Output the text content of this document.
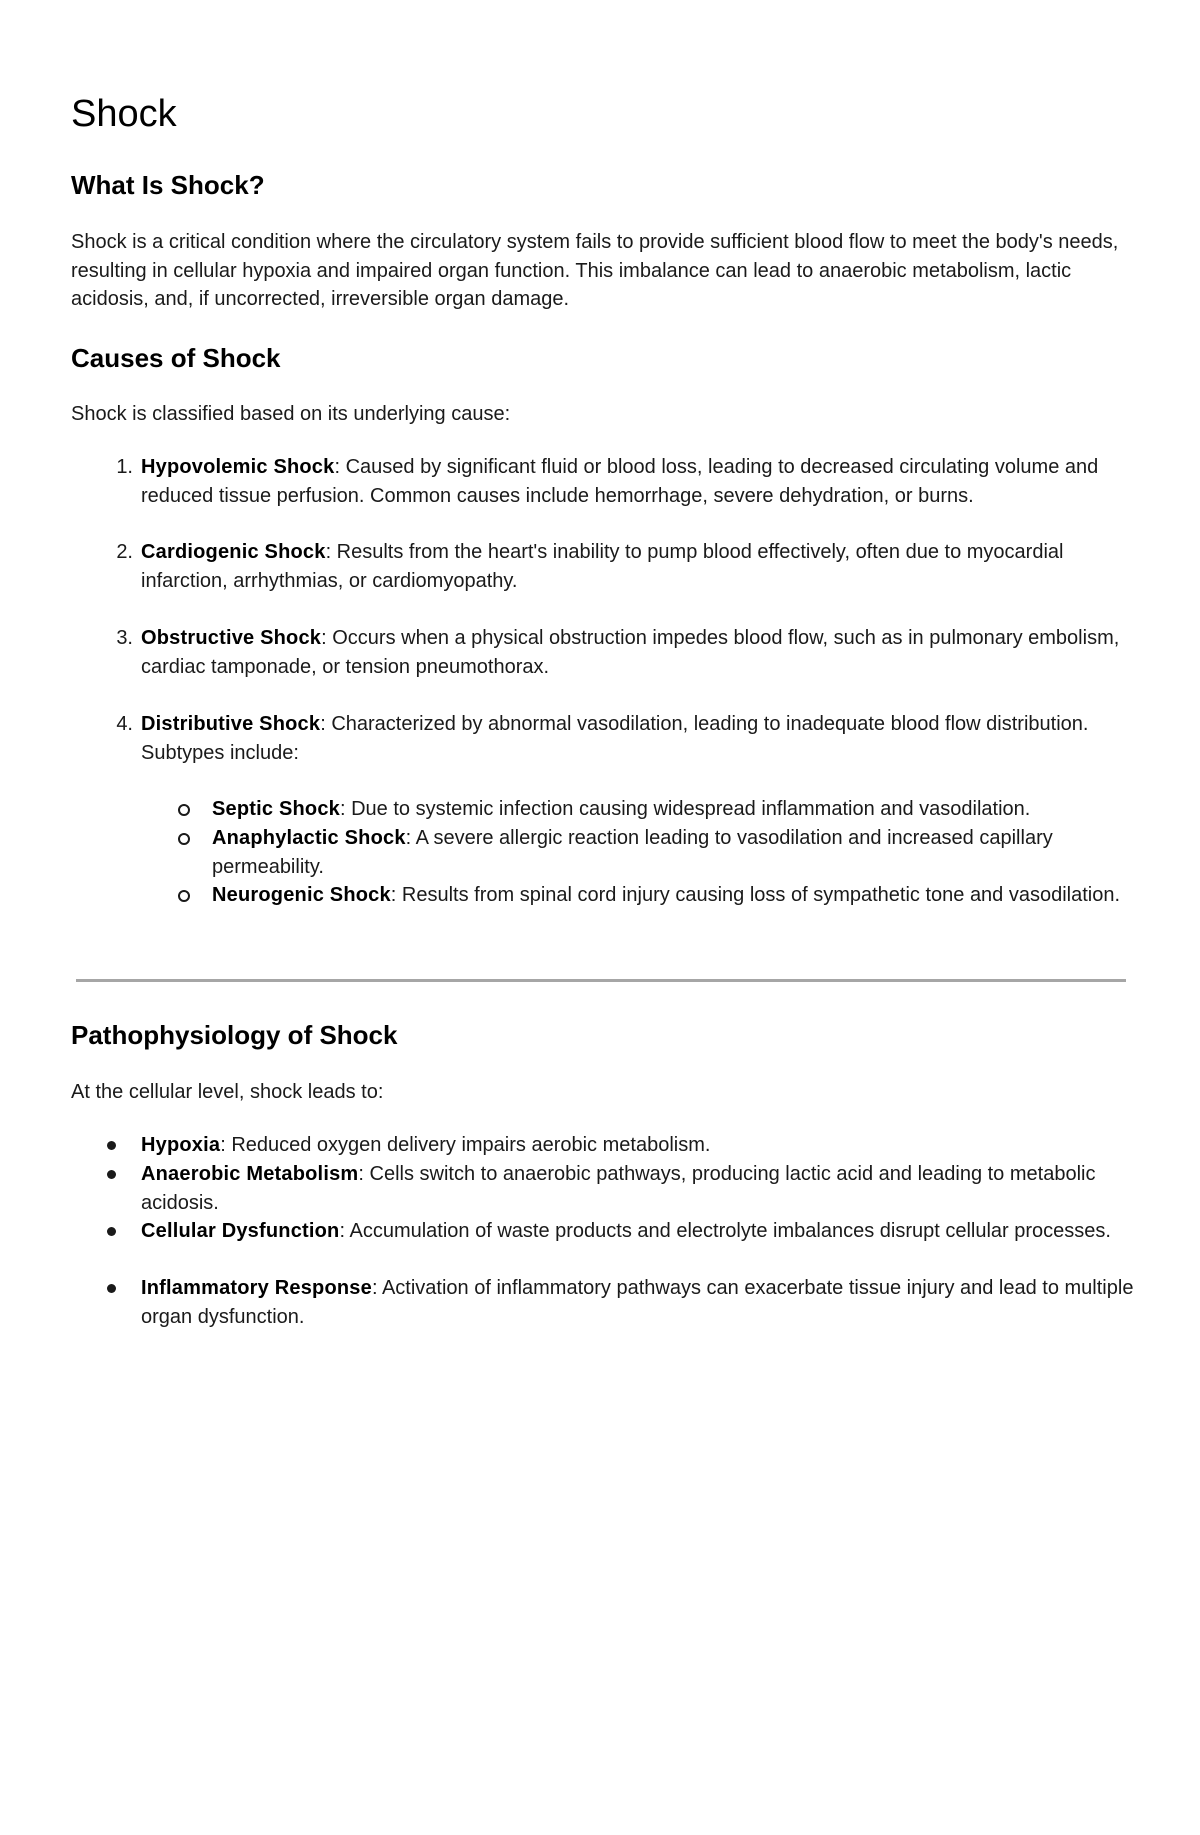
Shock
What Is Shock?

Shock is a critical condition where the circulatory system fails to provide sufficient blood flow to meet the body's needs, resulting in cellular hypoxia and impaired organ function. This imbalance can lead to anaerobic metabolism, lactic acidosis, and, if uncorrected, irreversible organ damage.

Causes of Shock

Shock is classified based on its underlying cause:

1. Hypovolemic Shock: Caused by significant fluid or blood loss, leading to decreased circulating volume and reduced tissue perfusion. Common causes include hemorrhage, severe dehydration, or burns.
2. Cardiogenic Shock: Results from the heart's inability to pump blood effectively, often due to myocardial infarction, arrhythmias, or cardiomyopathy.
3. Obstructive Shock: Occurs when a physical obstruction impedes blood flow, such as in pulmonary embolism, cardiac tamponade, or tension pneumothorax.
4. Distributive Shock: Characterized by abnormal vasodilation, leading to inadequate blood flow distribution. Subtypes include:
Septic Shock: Due to systemic infection causing widespread inflammation and vasodilation.
Anaphylactic Shock: A severe allergic reaction leading to vasodilation and increased capillary permeability.
Neurogenic Shock: Results from spinal cord injury causing loss of sympathetic tone and vasodilation.
Pathophysiology of Shock

At the cellular level, shock leads to:

Hypoxia: Reduced oxygen delivery impairs aerobic metabolism.
Anaerobic Metabolism: Cells switch to anaerobic pathways, producing lactic acid and leading to metabolic acidosis.
Cellular Dysfunction: Accumulation of waste products and electrolyte imbalances disrupt cellular processes.
Inflammatory Response: Activation of inflammatory pathways can exacerbate tissue injury and lead to multiple organ dysfunction.
